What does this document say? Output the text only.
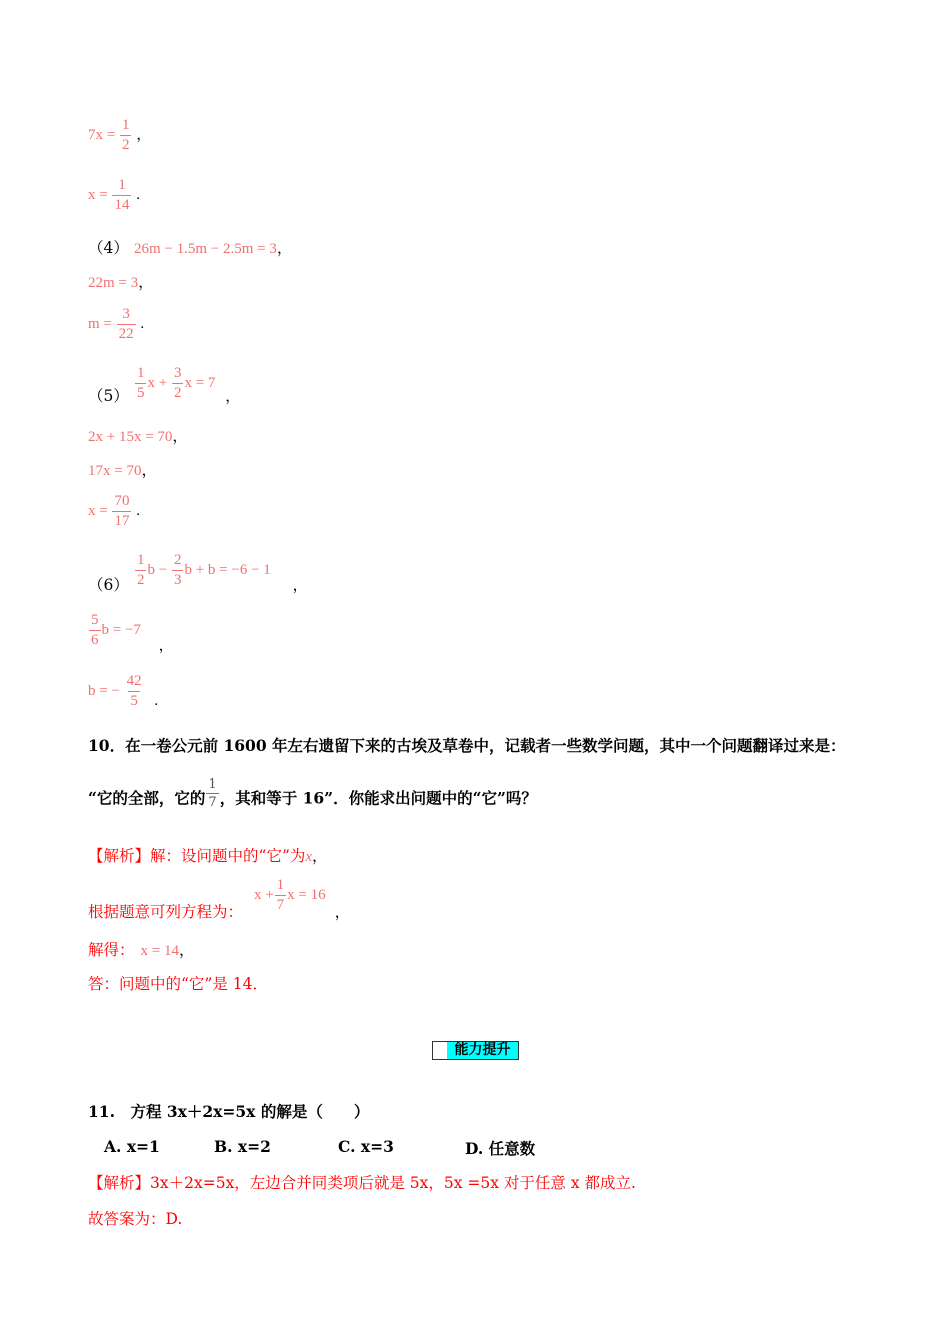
$7x = \frac{1}{2}$ ，
$x = \frac{1}{14}$ .
（4） 26m − 1.5m − 2.5m = 3，
22m = 3，
$m = \frac{3}{22}$ .
$(5) \frac{1}{5}$ $x + \frac{3}{2}$ x = 7 ，
2x + 15x = 70，
17x = 70，
$x = \frac{70}{17}$ .
$(6) \frac{1}{2}$ $b - \frac{2}{3}$ b + b = −6 − 1 ，
$\frac{5}{6}$ b = −7 ，
b = − $\frac{42}{5}$ .
10．在一卷公元前 1600 年左右遗留下来的古埃及草卷中，记载者一些数学问题，其中一个问题翻译过来是：
“它的全部，它的 $\frac{1}{7}$ ，其和等于 16”．你能求出问题中的“它”吗？
【解析】解：设问题中的“它”为x，
根据题意可列方程为： $x + \frac{1}{7}$ x = 16 ，
解得： x = 14，
答：问题中的“它”是 14．
能力提升
11.　方程 3x＋2x=5x 的解是（　　）
A. x=1	B. x=2	C. x=3	D. 任意数
【解析】3x＋2x=5x，左边合并同类项后就是 5x，5x =5x 对于任意 x 都成立.
故答案为：D.
